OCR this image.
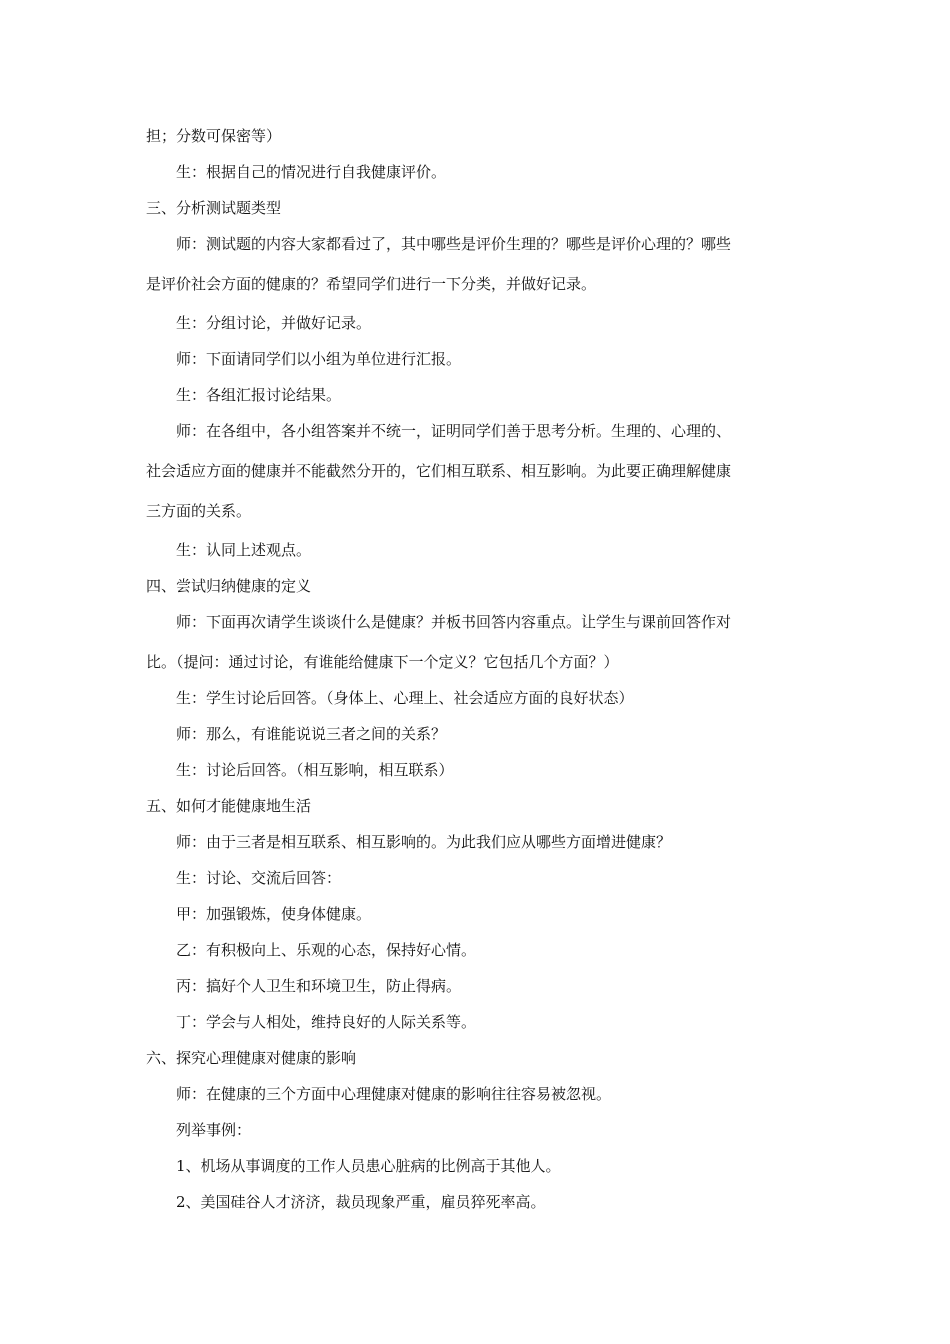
担；分数可保密等）
生：根据自己的情况进行自我健康评价。
三、分析测试题类型
师：测试题的内容大家都看过了，其中哪些是评价生理的？哪些是评价心理的？哪些
是评价社会方面的健康的？希望同学们进行一下分类，并做好记录。
生：分组讨论，并做好记录。
师：下面请同学们以小组为单位进行汇报。
生：各组汇报讨论结果。
师：在各组中，各小组答案并不统一，证明同学们善于思考分析。生理的、心理的、
社会适应方面的健康并不能截然分开的，它们相互联系、相互影响。为此要正确理解健康
三方面的关系。
生：认同上述观点。
四、尝试归纳健康的定义
师：下面再次请学生谈谈什么是健康？并板书回答内容重点。让学生与课前回答作对
比。（提问：通过讨论，有谁能给健康下一个定义？它包括几个方面？）
生：学生讨论后回答。（身体上、心理上、社会适应方面的良好状态）
师：那么，有谁能说说三者之间的关系？
生：讨论后回答。（相互影响，相互联系）
五、如何才能健康地生活
师：由于三者是相互联系、相互影响的。为此我们应从哪些方面增进健康？
生：讨论、交流后回答：
甲：加强锻炼，使身体健康。
乙：有积极向上、乐观的心态，保持好心情。
丙：搞好个人卫生和环境卫生，防止得病。
丁：学会与人相处，维持良好的人际关系等。
六、探究心理健康对健康的影响
师：在健康的三个方面中心理健康对健康的影响往往容易被忽视。
列举事例：
1、机场从事调度的工作人员患心脏病的比例高于其他人。
2、美国硅谷人才济济，裁员现象严重，雇员猝死率高。
